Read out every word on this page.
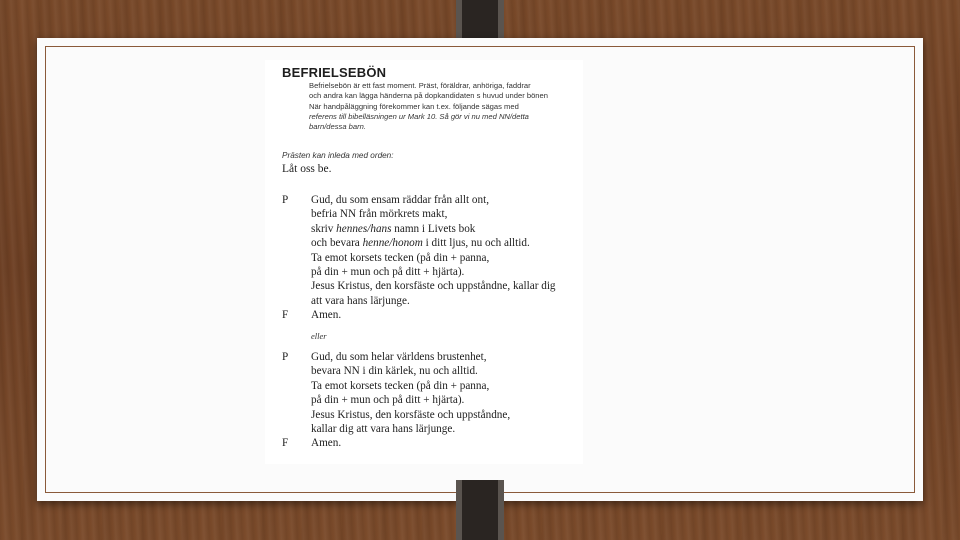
BEFRIELSEBÖN
Befrielsebön är ett fast moment. Präst, föräldrar, anhöriga, faddrar
och andra kan lägga händerna på dopkandidaten s huvud under bönen
När handpåläggning förekommer kan t.ex. följande sägas med
referens till bibelläsningen ur Mark 10. Så gör vi nu med NN/detta
barn/dessa barn.
Prästen kan inleda med orden:
Låt oss be.
P Gud, du som ensam räddar från allt ont,
befria NN från mörkrets makt,
skriv hennes/hans namn i Livets bok
och bevara henne/honom i ditt ljus, nu och alltid.
Ta emot korsets tecken (på din + panna,
på din + mun och på ditt + hjärta).
Jesus Kristus, den korsfäste och uppståndne, kallar dig
att vara hans lärjunge.
F Amen.
eller
P Gud, du som helar världens brustenhet,
bevara NN i din kärlek, nu och alltid.
Ta emot korsets tecken (på din + panna,
på din + mun och på ditt + hjärta).
Jesus Kristus, den korsfäste och uppståndne,
kallar dig att vara hans lärjunge.
F Amen.
